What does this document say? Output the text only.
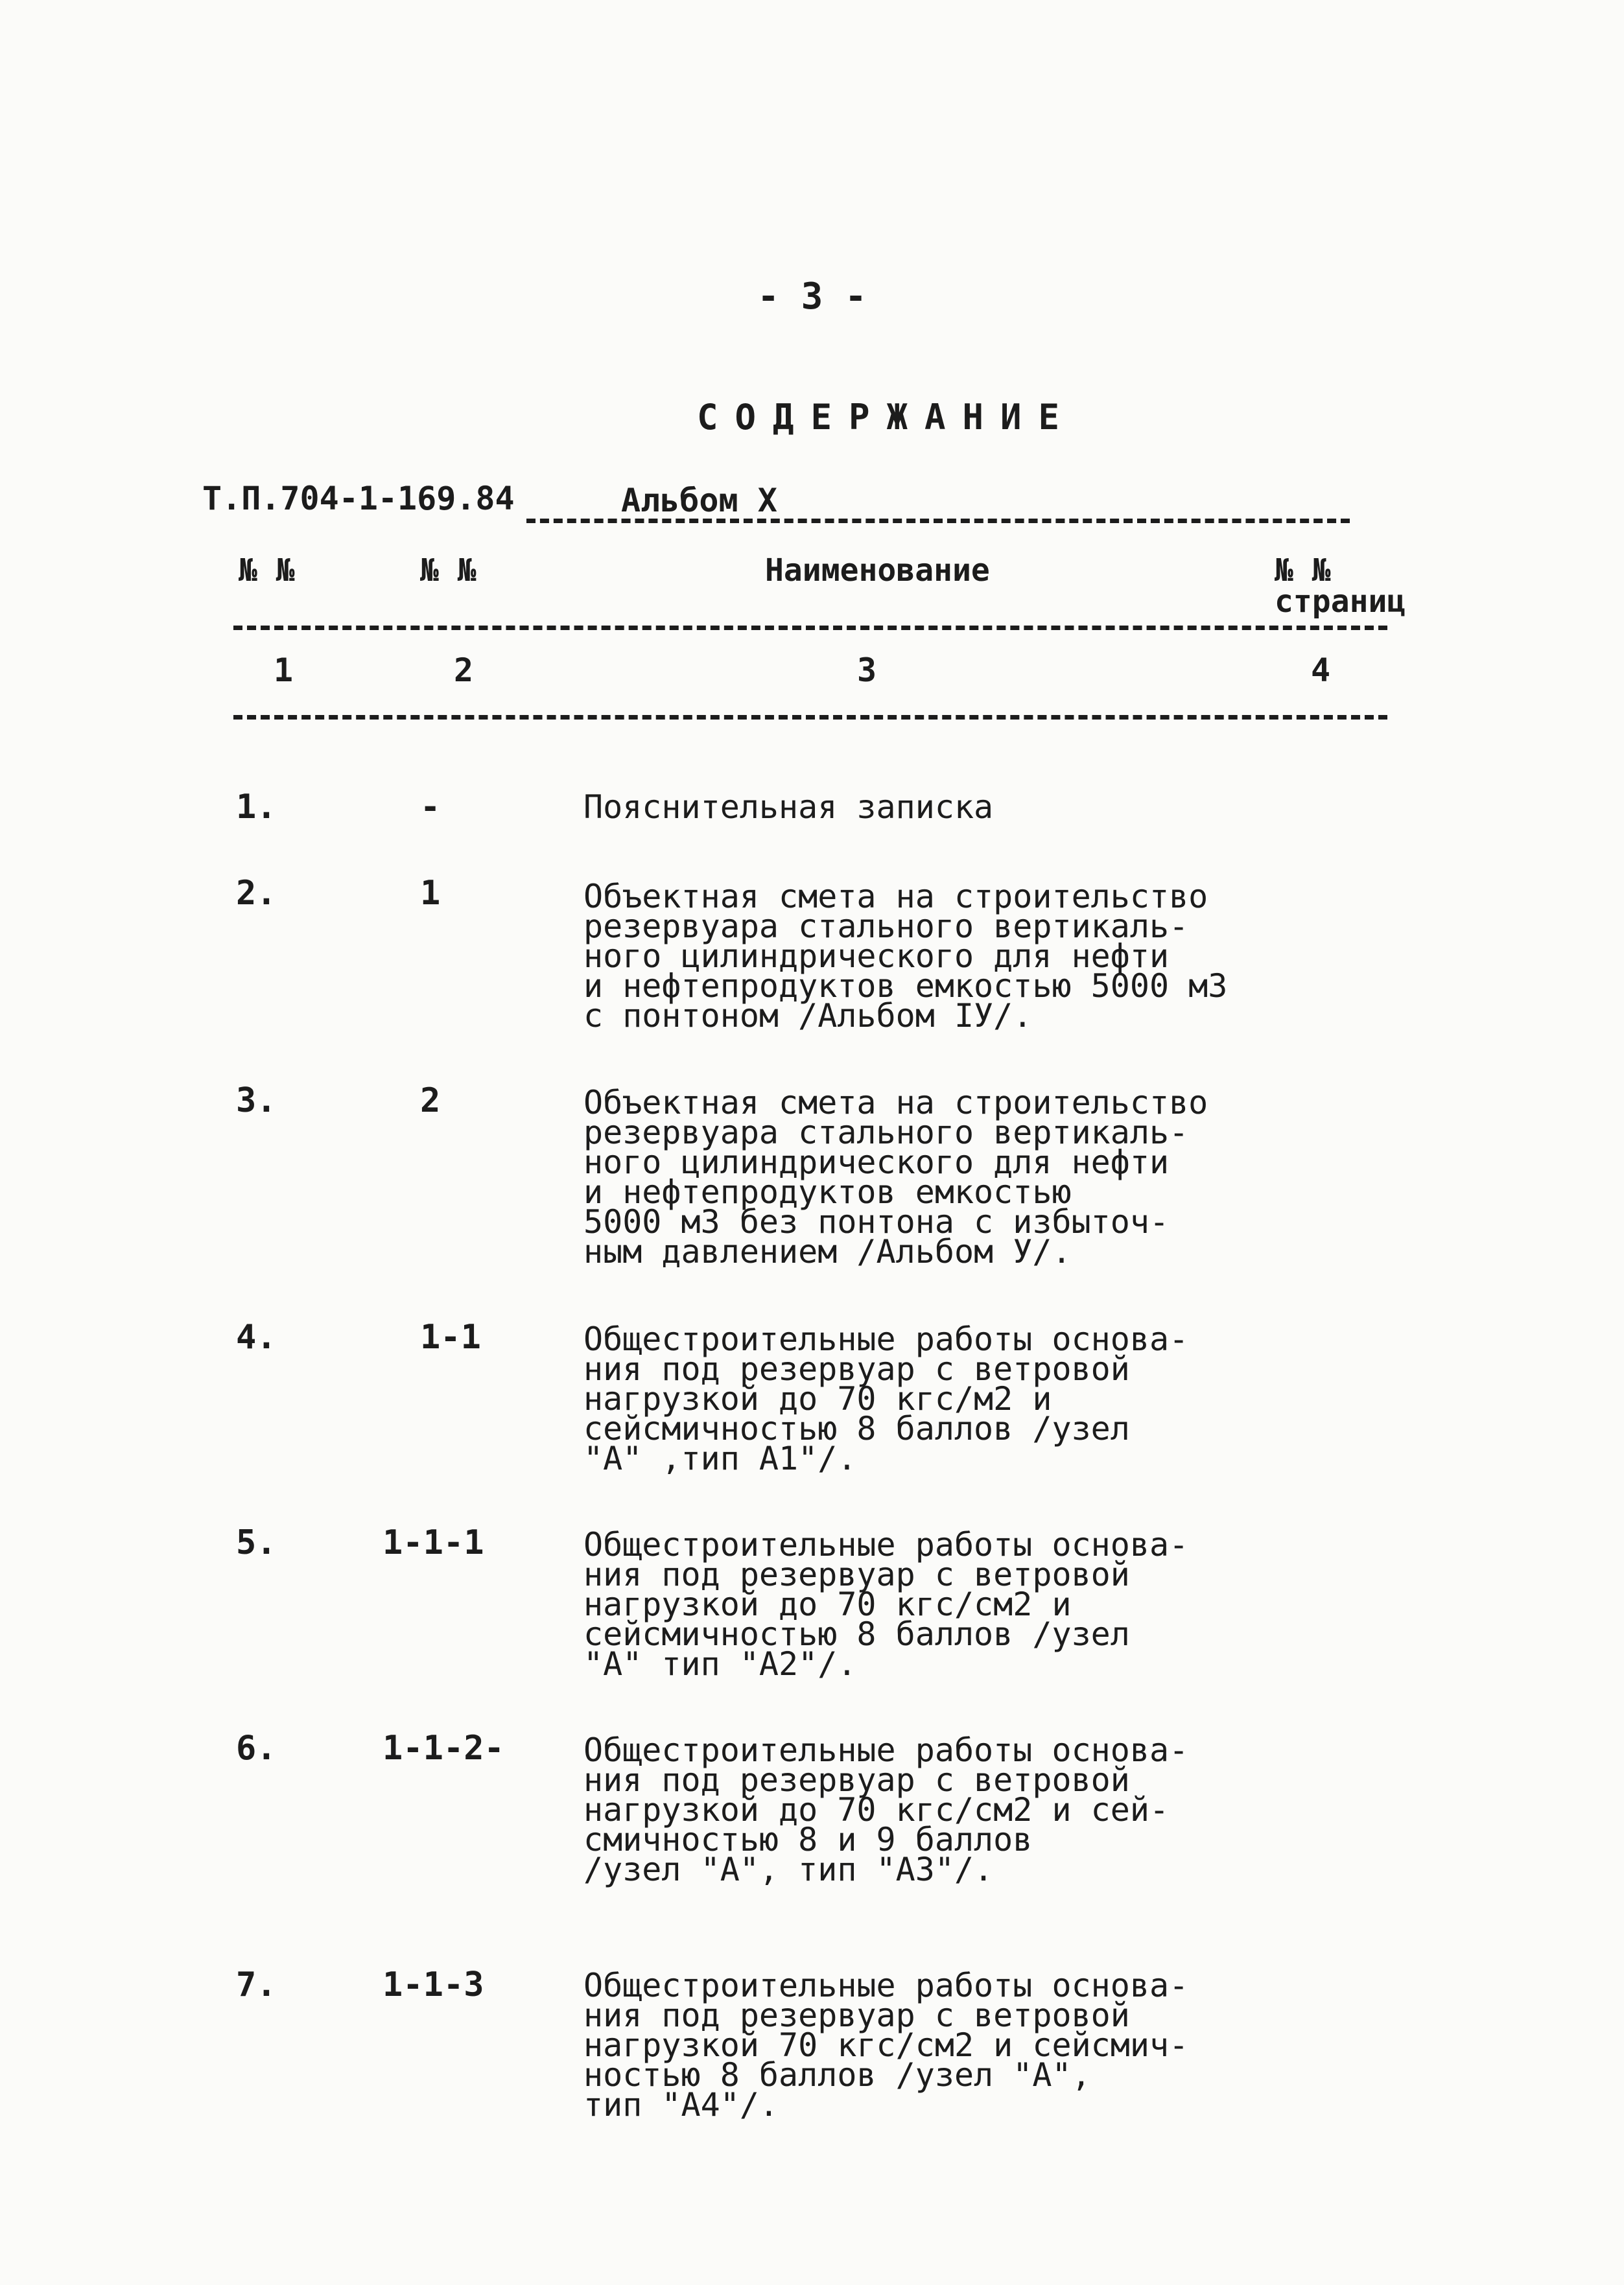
- 3 -
СОДЕРЖАНИЕ
Т.П.704-1-169.84	Альбом X
№ №	№ №	Наименование	№ №
страниц
1	2	3	4
1.	-	Пояснительная записка
2.	1	Объектная смета на строительство
резервуара стального вертикаль-
ного цилиндрического для нефти
и нефтепродуктов емкостью 5000 м3
с понтоном /Альбом IУ/.
3.	2	Объектная смета на строительство
резервуара стального вертикаль-
ного цилиндрического для нефти
и нефтепродуктов емкостью
5000 м3 без понтона с избыточ-
ным давлением /Альбом У/.
4.	1-1	Общестроительные работы основа-
ния под резервуар с ветровой
нагрузкой до 70 кгс/м2 и
сейсмичностью 8 баллов /узел
"А" ,тип А1"/.
5.	1-1-1	Общестроительные работы основа-
ния под резервуар с ветровой
нагрузкой до 70 кгс/см2 и
сейсмичностью 8 баллов /узел
"А" тип "А2"/.
6.	1-1-2- Общестроительные работы основа-
ния под резервуар с ветровой
нагрузкой до 70 кгс/см2 и сей-
смичностью 8 и 9 баллов
/узел "А", тип "А3"/.
7.	1-1-3	Общестроительные работы основа-
ния под резервуар с ветровой
нагрузкой 70 кгс/см2 и сейсмич-
ностью 8 баллов /узел "А",
тип "А4"/.
